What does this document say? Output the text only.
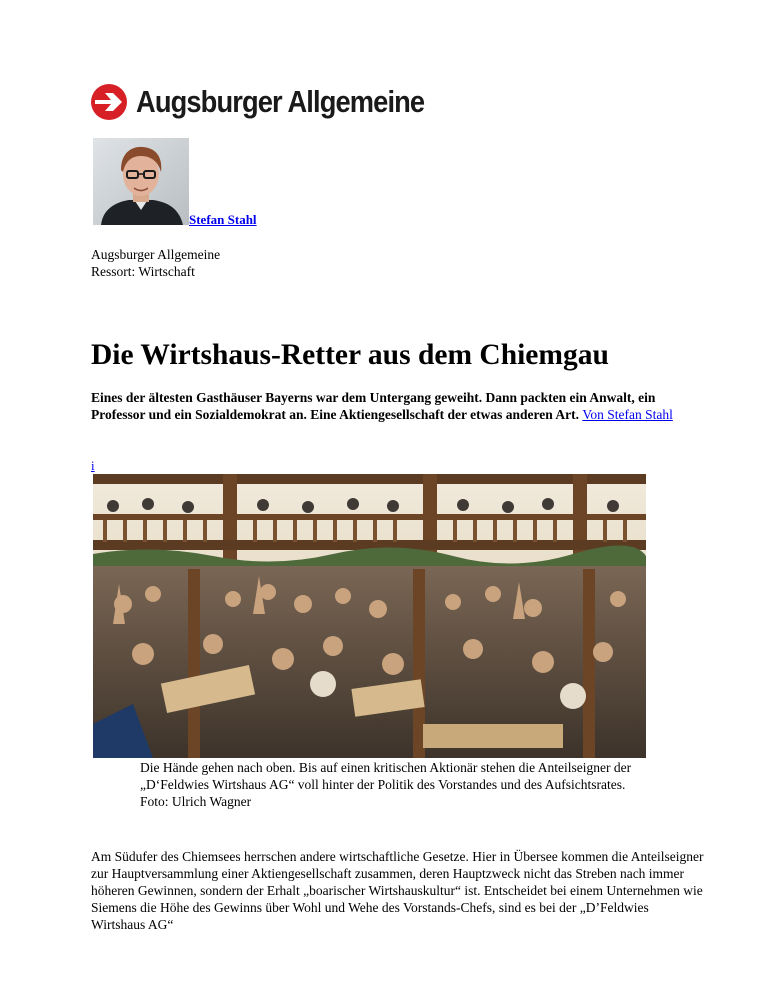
Augsburger Allgemeine
Stefan Stahl
Augsburger Allgemeine
Ressort: Wirtschaft
Die Wirtshaus-Retter aus dem Chiemgau

Eines der ältesten Gasthäuser Bayerns war dem Untergang geweiht. Dann packten ein Anwalt, ein Professor und ein Sozialdemokrat an. Eine Aktiengesellschaft der etwas anderen Art. Von Stefan Stahl

i
Die Hände gehen nach oben. Bis auf einen kritischen Aktionär stehen die Anteilseigner der „D‘Feldwies Wirtshaus AG“ voll hinter der Politik des Vorstandes und des Aufsichtsrates.
Foto: Ulrich Wagner

Am Südufer des Chiemsees herrschen andere wirtschaftliche Gesetze. Hier in Übersee kommen die Anteilseigner zur Hauptversammlung einer Aktiengesellschaft zusammen, deren Hauptzweck nicht das Streben nach immer höheren Gewinnen, sondern der Erhalt „boarischer Wirtshauskultur“ ist. Entscheidet bei einem Unternehmen wie Siemens die Höhe des Gewinns über Wohl und Wehe des Vorstands-Chefs, sind es bei der „D’Feldwies Wirtshaus AG“
